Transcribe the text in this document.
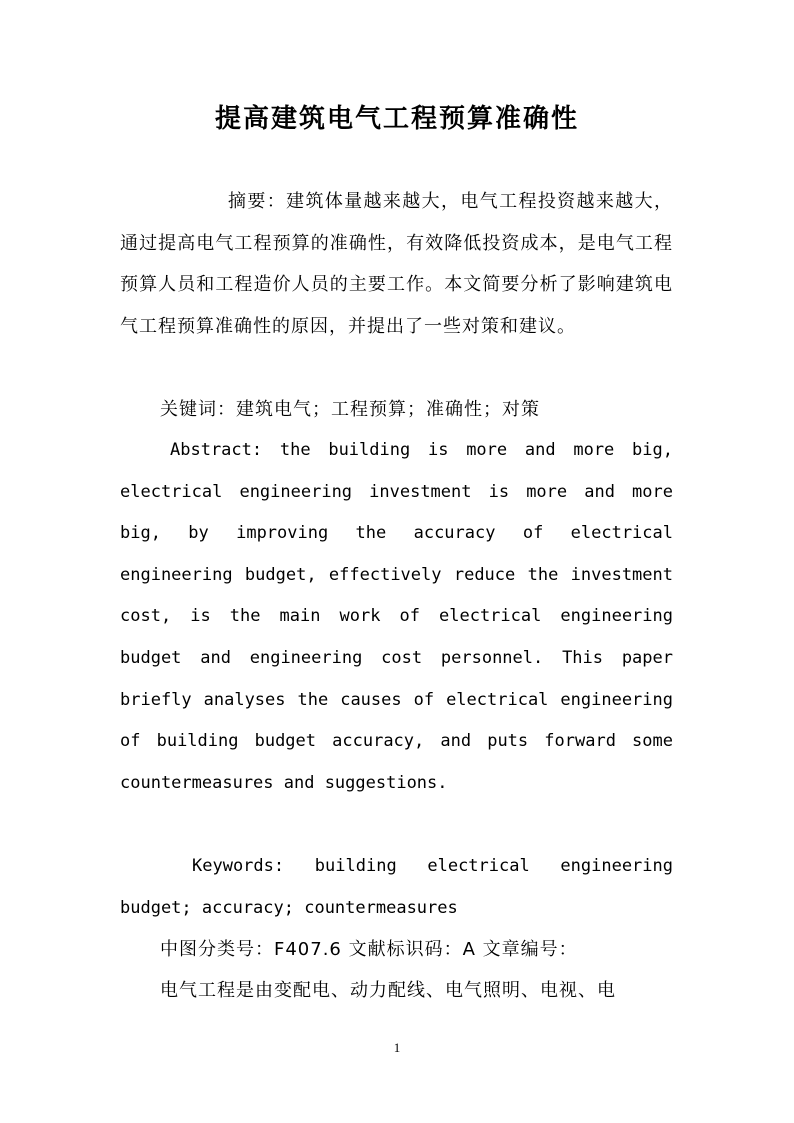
提高建筑电气工程预算准确性
摘要：建筑体量越来越大，电气工程投资越来越大，通过提高电气工程预算的准确性，有效降低投资成本，是电气工程预算人员和工程造价人员的主要工作。本文简要分析了影响建筑电气工程预算准确性的原因，并提出了一些对策和建议。
关键词：建筑电气；工程预算；准确性；对策
Abstract: the building is more and more big, electrical engineering investment is more and more big, by improving the accuracy of electrical engineering budget, effectively reduce the investment cost, is the main work of electrical engineering budget and engineering cost personnel. This paper briefly analyses the causes of electrical engineering of building budget accuracy, and puts forward some countermeasures and suggestions.
Keywords: building electrical engineering budget; accuracy; countermeasures
中图分类号：F407.6 文献标识码：A 文章编号：
电气工程是由变配电、动力配线、电气照明、电视、电
1
